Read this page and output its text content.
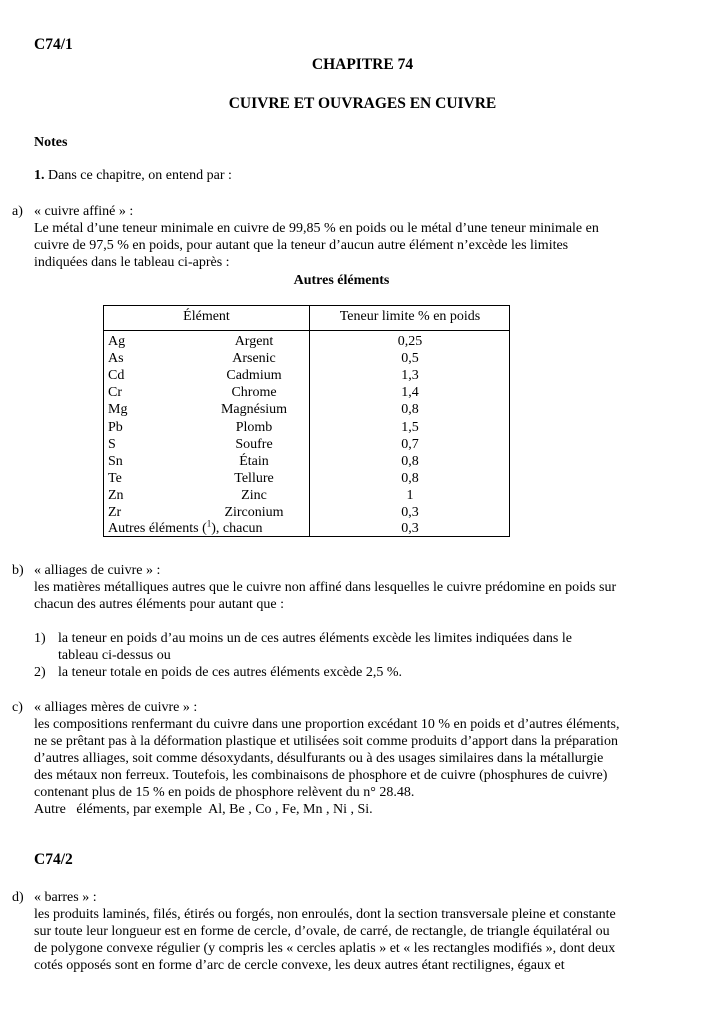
C74/1
CHAPITRE 74
CUIVRE ET OUVRAGES EN CUIVRE
Notes
1. Dans ce chapitre, on entend par :
a) « cuivre affiné » :
Le métal d’une teneur minimale en cuivre de 99,85 % en poids ou le métal d’une teneur minimale en
cuivre de 97,5 % en poids, pour autant que la teneur d’aucun autre élément n’excède les limites
indiquées dans le tableau ci-après :
Autres éléments
Élément	Teneur limite % en poids
Ag	Argent	0,25
As	Arsenic	0,5
Cd	Cadmium	1,3
Cr	Chrome	1,4
Mg	Magnésium	0,8
Pb	Plomb	1,5
S	Soufre	0,7
Sn	Étain	0,8
Te	Tellure	0,8
Zn	Zinc	1
Zr	Zirconium	0,3
Autres éléments ($^1$), chacun	0,3
b) « alliages de cuivre » :
les matières métalliques autres que le cuivre non affiné dans lesquelles le cuivre prédomine en poids sur
chacun des autres éléments pour autant que :
1) la teneur en poids d’au moins un de ces autres éléments excède les limites indiquées dans le
tableau ci-dessus ou
2) la teneur totale en poids de ces autres éléments excède 2,5 %.
c) « alliages mères de cuivre » :
les compositions renfermant du cuivre dans une proportion excédant 10 % en poids et d’autres éléments,
ne se prêtant pas à la déformation plastique et utilisées soit comme produits d’apport dans la préparation
d’autres alliages, soit comme désoxydants, désulfurants ou à des usages similaires dans la métallurgie
des métaux non ferreux. Toutefois, les combinaisons de phosphore et de cuivre (phosphures de cuivre)
contenant plus de 15 % en poids de phosphore relèvent du n° 28.48.
Autre   éléments, par exemple  Al, Be , Co , Fe, Mn , Ni , Si.
C74/2
d) « barres » :
les produits laminés, filés, étirés ou forgés, non enroulés, dont la section transversale pleine et constante
sur toute leur longueur est en forme de cercle, d’ovale, de carré, de rectangle, de triangle équilatéral ou
de polygone convexe régulier (y compris les « cercles aplatis » et « les rectangles modifiés », dont deux
cotés opposés sont en forme d’arc de cercle convexe, les deux autres étant rectilignes, égaux et
